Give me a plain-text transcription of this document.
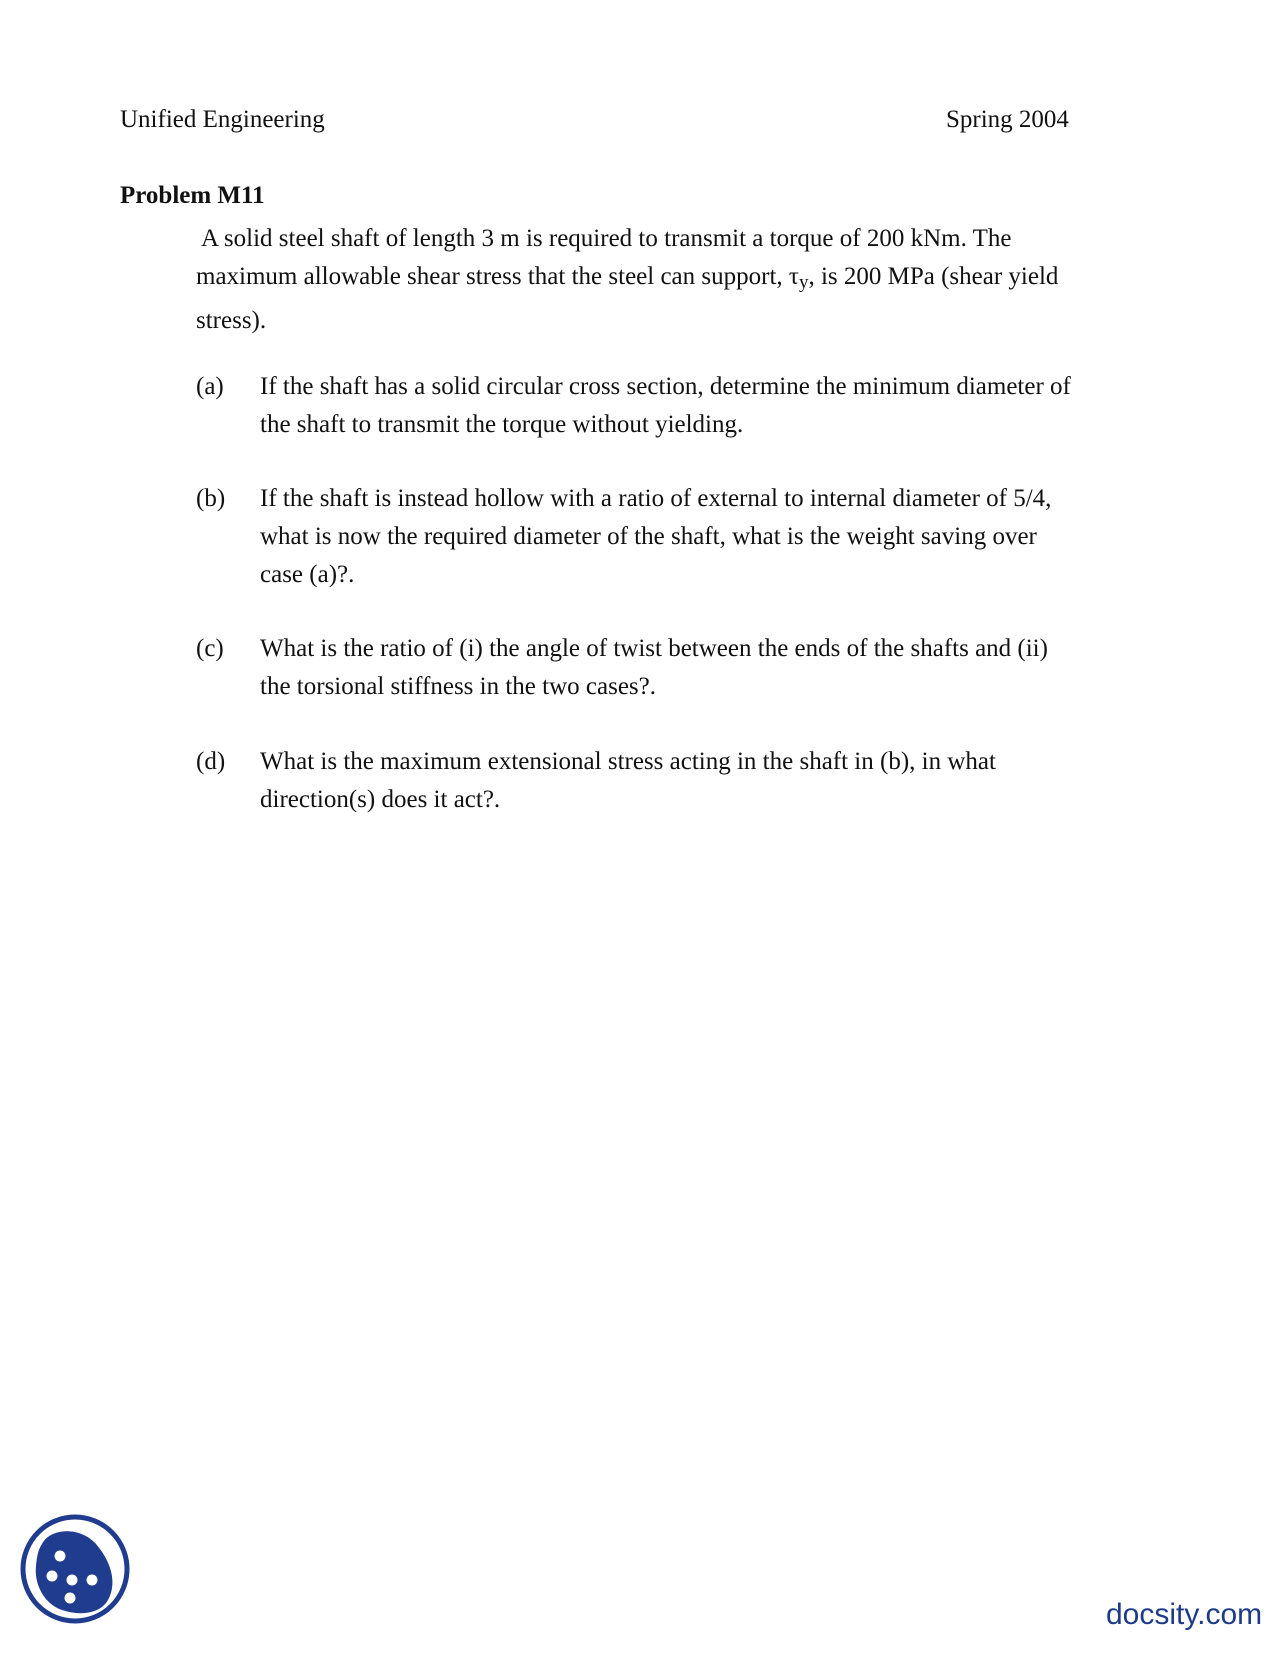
Unified Engineering	Spring 2004
Problem M11
A solid steel shaft of length 3 m is required to transmit a torque of 200 kNm. The
maximum allowable shear stress that the steel can support, τy, is 200 MPa (shear yield
stress).
(a) If the shaft has a solid circular cross section, determine the minimum diameter of
the shaft to transmit the torque without yielding.
(b) If the shaft is instead hollow with a ratio of external to internal diameter of 5/4,
what is now the required diameter of the shaft, what is the weight saving over
case (a)?.
(c) What is the ratio of (i) the angle of twist between the ends of the shafts and (ii)
the torsional stiffness in the two cases?.
(d) What is the maximum extensional stress acting in the shaft in (b), in what
direction(s) does it act?.
docsity.com
